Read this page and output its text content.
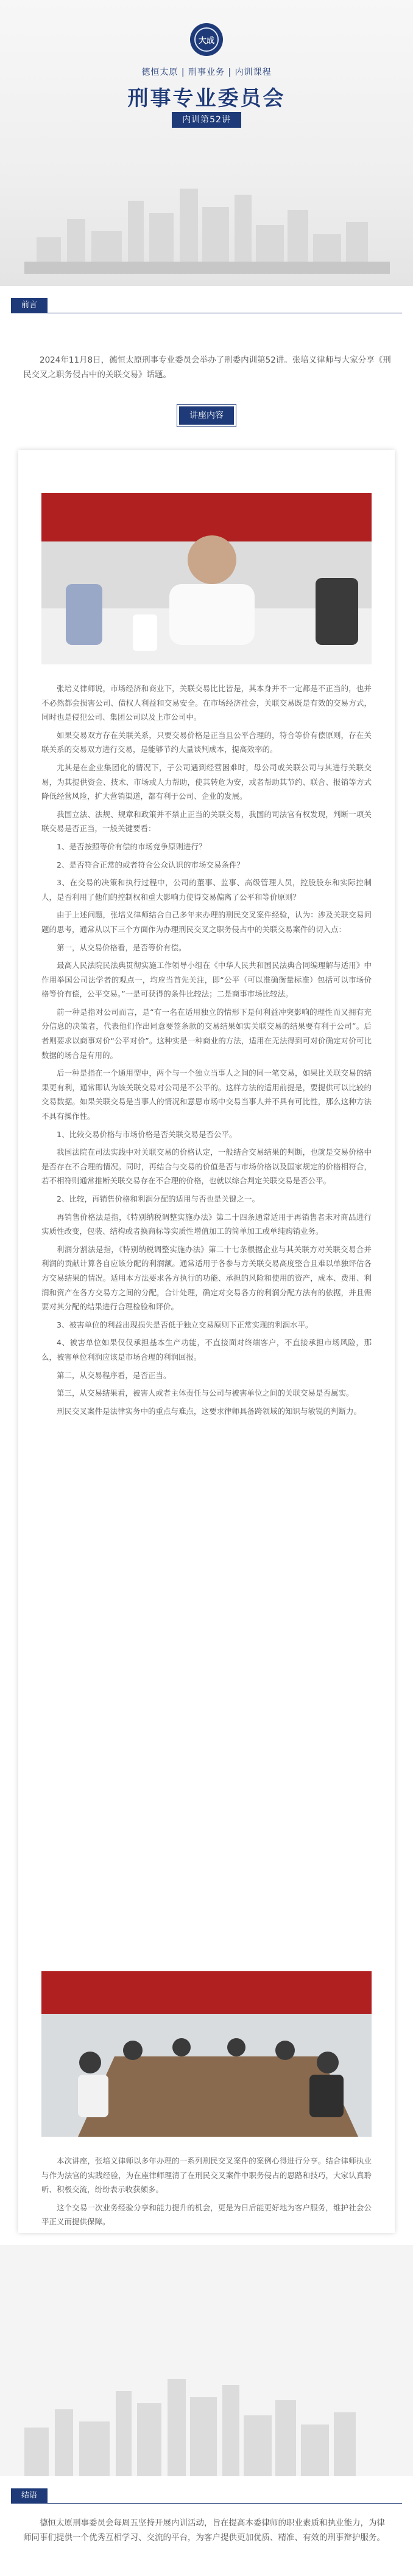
大成
德恒太原 | 刑事业务 | 内训课程
刑事专业委员会
内训第52讲
前言
2024年11月8日，德恒太原刑事专业委员会举办了刑委内训第52讲。张培义律师与大家分享《刑民交叉之职务侵占中的关联交易》话题。
讲座内容

张培义律师说，市场经济和商业下，关联交易比比皆是，其本身并不一定都是不正当的，也并不必然都会损害公司、债权人利益和交易安全。在市场经济社会，关联交易既是有效的交易方式，同时也是侵犯公司、集团公司以及上市公司中。

如果交易双方存在关联关系，只要交易价格是正当且公平合理的，符合等价有偿原则，存在关联关系的交易双方进行交易，是能够节约大量谈判成本，提高效率的。

尤其是在企业集团化的情况下，子公司遇到经营困难时，母公司或关联公司与其进行关联交易，为其提供资金、技术、市场或人力帮助，使其转危为安，或者帮助其节约、联合、报销等方式降低经营风险，扩大营销渠道，都有利于公司、企业的发展。

我国立法、法规、规章和政策并不禁止正当的关联交易，我国的司法官有权发现，判断一项关联交易是否正当，一般关键要看：

1、是否按照等价有偿的市场竞争原则进行？

2、是否符合正常的或者符合公众认识的市场交易条件？

3、在交易的决策和执行过程中，公司的董事、监事、高级管理人员，控股股东和实际控制人，是否利用了他们的控制权和重大影响力使得交易偏离了公平和等价原则？

由于上述问题，张培义律师结合自己多年来办理的刑民交叉案件经验，认为：涉及关联交易问题的思考，通常从以下三个方面作为办理刑民交叉之职务侵占中的关联交易案件的切入点：

第一，从交易价格看，是否等价有偿。

最高人民法院民法典贯彻实施工作领导小组在《中华人民共和国民法典合同编理解与适用》中作用举国公司法学者的观点一，均应当首先关注，即“公平（可以准确衡量标准）包括可以市场价格等价有偿，公平交易。”一是可获得的条件比较法；二是商事市场比较法。

前一种是指对公司而言，是“有一名在适用独立的情形下是何利益冲突影响的理性而又拥有充分信息的决策者，代表他们作出同意要签条款的交易结果如实关联交易的结果要有利于公司”。后者则要求以商事对价“公平对价”。这种实是一种商业的方法，适用在无法得到可对价确定对价可比数据的场合是有用的。

后一种是指在一个通用型中，两个与一个独立当事人之间的同一笔交易，如果比关联交易的结果更有利，通常即认为该关联交易对公司是不公平的。这样方法的适用前提是，要提供可以比较的交易数据。如果关联交易是当事人的情况和意思市场中交易当事人并不具有可比性，那么这种方法不具有操作性。

1、比较交易价格与市场价格是否关联交易是否公平。

我国法院在司法实践中对关联交易的价格认定，一般结合交易结果的判断，也就是交易价格中是否存在不合理的情况。同时，再结合与交易的价值是否与市场价格以及国家规定的价格相符合，若不相符则通常推断关联交易存在不合理的价格，也就以综合判定关联交易是否公平。

2、比较，再销售价格和利润分配的适用与否也是关键之一。

再销售价格法是指，《特别纳税调整实施办法》第二十四条通常适用于再销售者未对商品进行实质性改变，包装、结构或者换商标等实质性增值加工的简单加工或单纯购销业务。

利润分割法是指，《特别纳税调整实施办法》第二十七条根据企业与其关联方对关联交易合并利润的贡献计算各自应该分配的利润额。通常适用于各参与方关联交易高度整合且难以单独评估各方交易结果的情况。适用本方法要求各方执行的功能、承担的风险和使用的资产，成本、费用、利润和资产在各方交易方之间的分配，合计处理，确定对交易各方的利润分配方法有的依据，并且需要对其分配的结果进行合理检验和评价。

3、被害单位的利益出现损失是否低于独立交易原则下正常实现的利润水平。

4、被害单位如果仅仅承担基本生产功能，不直接面对终端客户，不直接承担市场风险，那么，被害单位利润应该是市场合理的利润回报。

第二，从交易程序看，是否正当。

第三，从交易结果看，被害人或者主体责任与公司与被害单位之间的关联交易是否属实。

刑民交叉案件是法律实务中的重点与难点，这要求律师具备跨领域的知识与敏锐的判断力。

本次讲座，张培义律师以多年办理的一系列刑民交叉案件的案例心得进行分享。结合律师执业与作为法官的实践经验，为在座律师理清了在刑民交叉案件中职务侵占的思路和技巧，大家认真聆听、积极交流，纷纷表示收获颇多。

这个交易一次业务经验分享和能力提升的机会，更是为日后能更好地为客户服务，维护社会公平正义而提供保障。

结语
德恒太原刑事委员会每周五坚持开展内训活动，旨在提高本委律师的职业素质和执业能力，为律师同事们提供一个优秀互相学习、交流的平台，为客户提供更加优质、精准、有效的刑事辩护服务。
